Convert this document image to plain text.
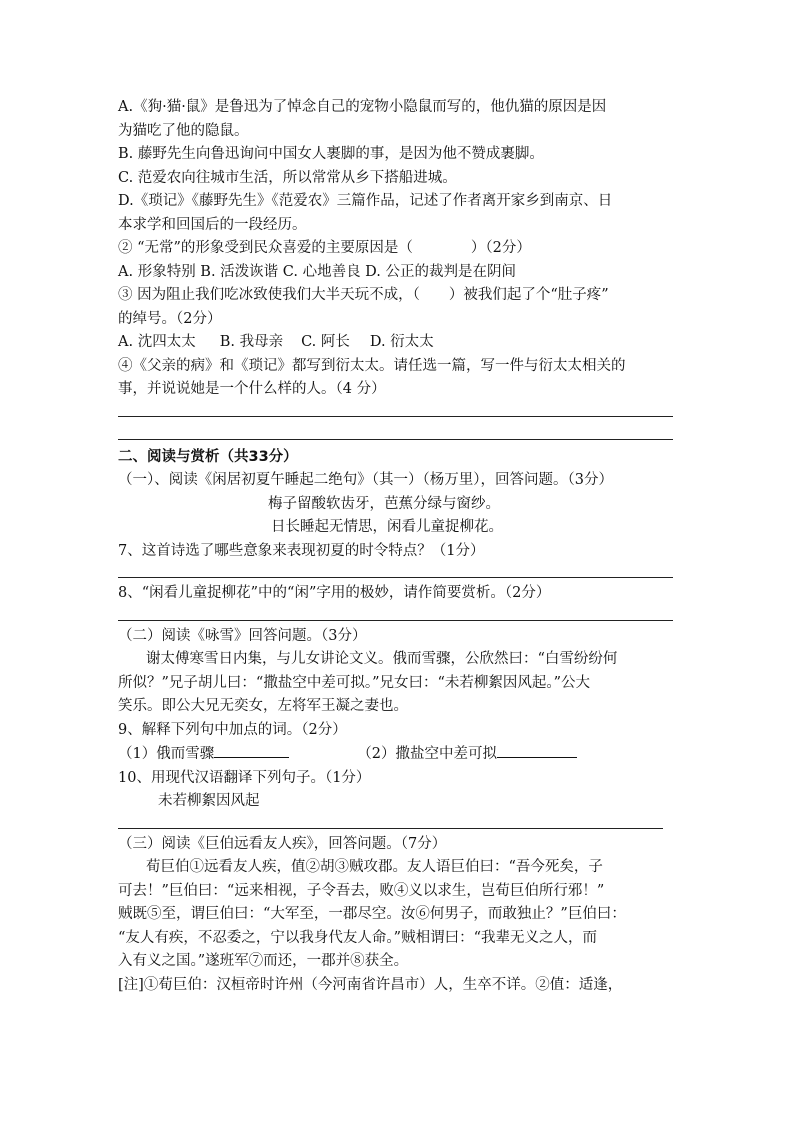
A.《狗·猫·鼠》是鲁迅为了悼念自己的宠物小隐鼠而写的，他仇猫的原因是因
为猫吃了他的隐鼠。
B. 藤野先生向鲁迅询问中国女人裹脚的事，是因为他不赞成裹脚。
C. 范爱农向往城市生活，所以常常从乡下搭船进城。
D.《琐记》《藤野先生》《范爱农》三篇作品，记述了作者离开家乡到南京、日
本求学和回国后的一段经历。
② “无常”的形象受到民众喜爱的主要原因是（　　　　）（2分）
A. 形象特别 B. 活泼诙谐 C. 心地善良 D. 公正的裁判是在阴间
③ 因为阻止我们吃冰致使我们大半天玩不成，（　　）被我们起了个“肚子疼”
的绰号。（2分）
A. 沈四太太 B. 我母亲 C. 阿长 D. 衍太太
④《父亲的病》和《琐记》都写到衍太太。请任选一篇，写一件与衍太太相关的
事，并说说她是一个什么样的人。（4 分）
二、阅读与赏析（共33分）
（一）、阅读《闲居初夏午睡起二绝句》（其一）（杨万里），回答问题。（3分）
梅子留酸软齿牙，芭蕉分绿与窗纱。
日长睡起无情思，闲看儿童捉柳花。
7、这首诗选了哪些意象来表现初夏的时令特点？（1分）
8、“闲看儿童捉柳花”中的“闲”字用的极妙，请作简要赏析。（2分）
（二）阅读《咏雪》回答问题。（3分）
谢太傅寒雪日内集，与儿女讲论文义。俄而雪骤，公欣然曰：“白雪纷纷何
所似？”兄子胡儿曰：“撒盐空中差可拟。”兄女曰：“未若柳絮因风起。”公大
笑乐。即公大兄无奕女，左将军王凝之妻也。
9、解释下列句中加点的词。（2分）
（1）俄而雪骤	（2）撒盐空中差可拟
10、用现代汉语翻译下列句子。（1分）
未若柳絮因风起
（三）阅读《巨伯远看友人疾》，回答问题。（7分）
荀巨伯①远看友人疾，值②胡③贼攻郡。友人语巨伯曰：“吾今死矣，子
可去！”巨伯曰：“远来相视，子令吾去，败④义以求生，岂荀巨伯所行邪！”
贼既⑤至，谓巨伯曰：“大军至，一郡尽空。汝⑥何男子，而敢独止？”巨伯曰：
“友人有疾，不忍委之，宁以我身代友人命。”贼相谓曰：“我辈无义之人，而
入有义之国。”遂班军⑦而还，一郡并⑧获全。
[注]①荀巨伯：汉桓帝时许州（今河南省许昌市）人，生卒不详。②值：适逢，
